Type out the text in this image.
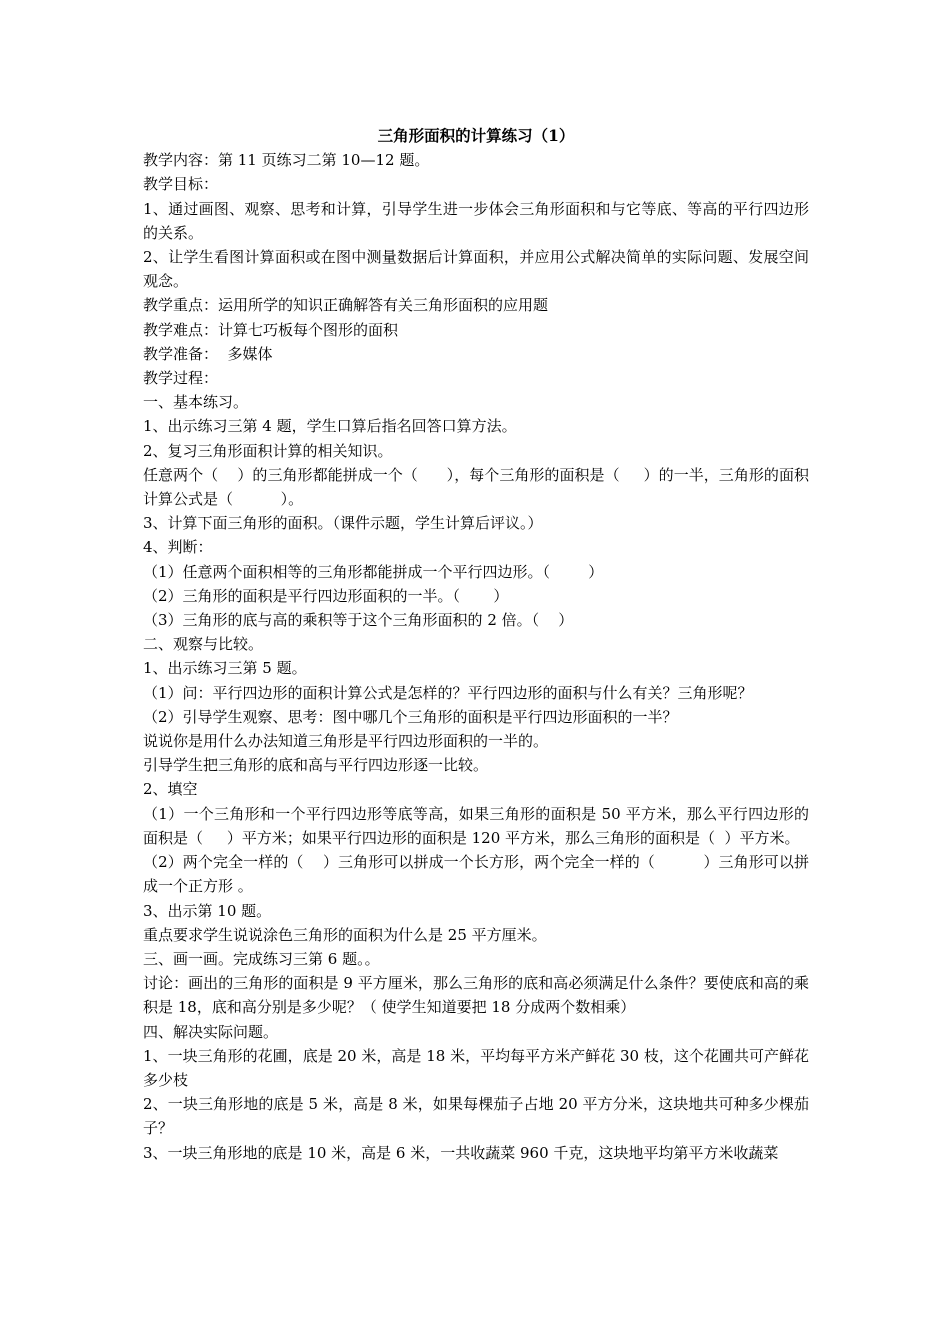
三角形面积的计算练习（1）
教学内容：第 11 页练习二第 10—12 题。
教学目标：
1、通过画图、观察、思考和计算，引导学生进一步体会三角形面积和与它等底、等高的平行四边形的关系。
2、让学生看图计算面积或在图中测量数据后计算面积，并应用公式解决简单的实际问题、发展空间观念。
教学重点：运用所学的知识正确解答有关三角形面积的应用题
教学难点：计算七巧板每个图形的面积
教学准备：  多媒体
教学过程：
一、基本练习。
1、出示练习三第 4 题，学生口算后指名回答口算方法。
2、复习三角形面积计算的相关知识。
任意两个（    ）的三角形都能拼成一个（      ），每个三角形的面积是（     ）的一半，三角形的面积计算公式是（          ）。
3、计算下面三角形的面积。（课件示题，学生计算后评议。）
4、判断：
（1）任意两个面积相等的三角形都能拼成一个平行四边形。（        ）
（2）三角形的面积是平行四边形面积的一半。（       ）
（3）三角形的底与高的乘积等于这个三角形面积的 2 倍。（    ）
二、观察与比较。
1、出示练习三第 5 题。
（1）问：平行四边形的面积计算公式是怎样的？平行四边形的面积与什么有关？三角形呢？
（2）引导学生观察、思考：图中哪几个三角形的面积是平行四边形面积的一半？
说说你是用什么办法知道三角形是平行四边形面积的一半的。
引导学生把三角形的底和高与平行四边形逐一比较。
2、填空
（1）一个三角形和一个平行四边形等底等高，如果三角形的面积是 50 平方米，那么平行四边形的面积是（     ）平方米；如果平行四边形的面积是 120 平方米，那么三角形的面积是（  ）平方米。
（2）两个完全一样的（    ）三角形可以拼成一个长方形，两个完全一样的（          ）三角形可以拼成一个正方形 。
3、出示第 10 题。
重点要求学生说说涂色三角形的面积为什么是 25 平方厘米。
三、画一画。完成练习三第 6 题。。
讨论：画出的三角形的面积是 9 平方厘米，那么三角形的底和高必须满足什么条件？要使底和高的乘积是 18，底和高分别是多少呢？（ 使学生知道要把 18 分成两个数相乘）
四、解决实际问题。
1、一块三角形的花圃，底是 20 米，高是 18 米，平均每平方米产鲜花 30 枝，这个花圃共可产鲜花多少枝
2、一块三角形地的底是 5 米，高是 8 米，如果每棵茄子占地 20 平方分米，这块地共可种多少棵茄子？
3、一块三角形地的底是 10 米，高是 6 米，一共收蔬菜 960 千克，这块地平均第平方米收蔬菜
